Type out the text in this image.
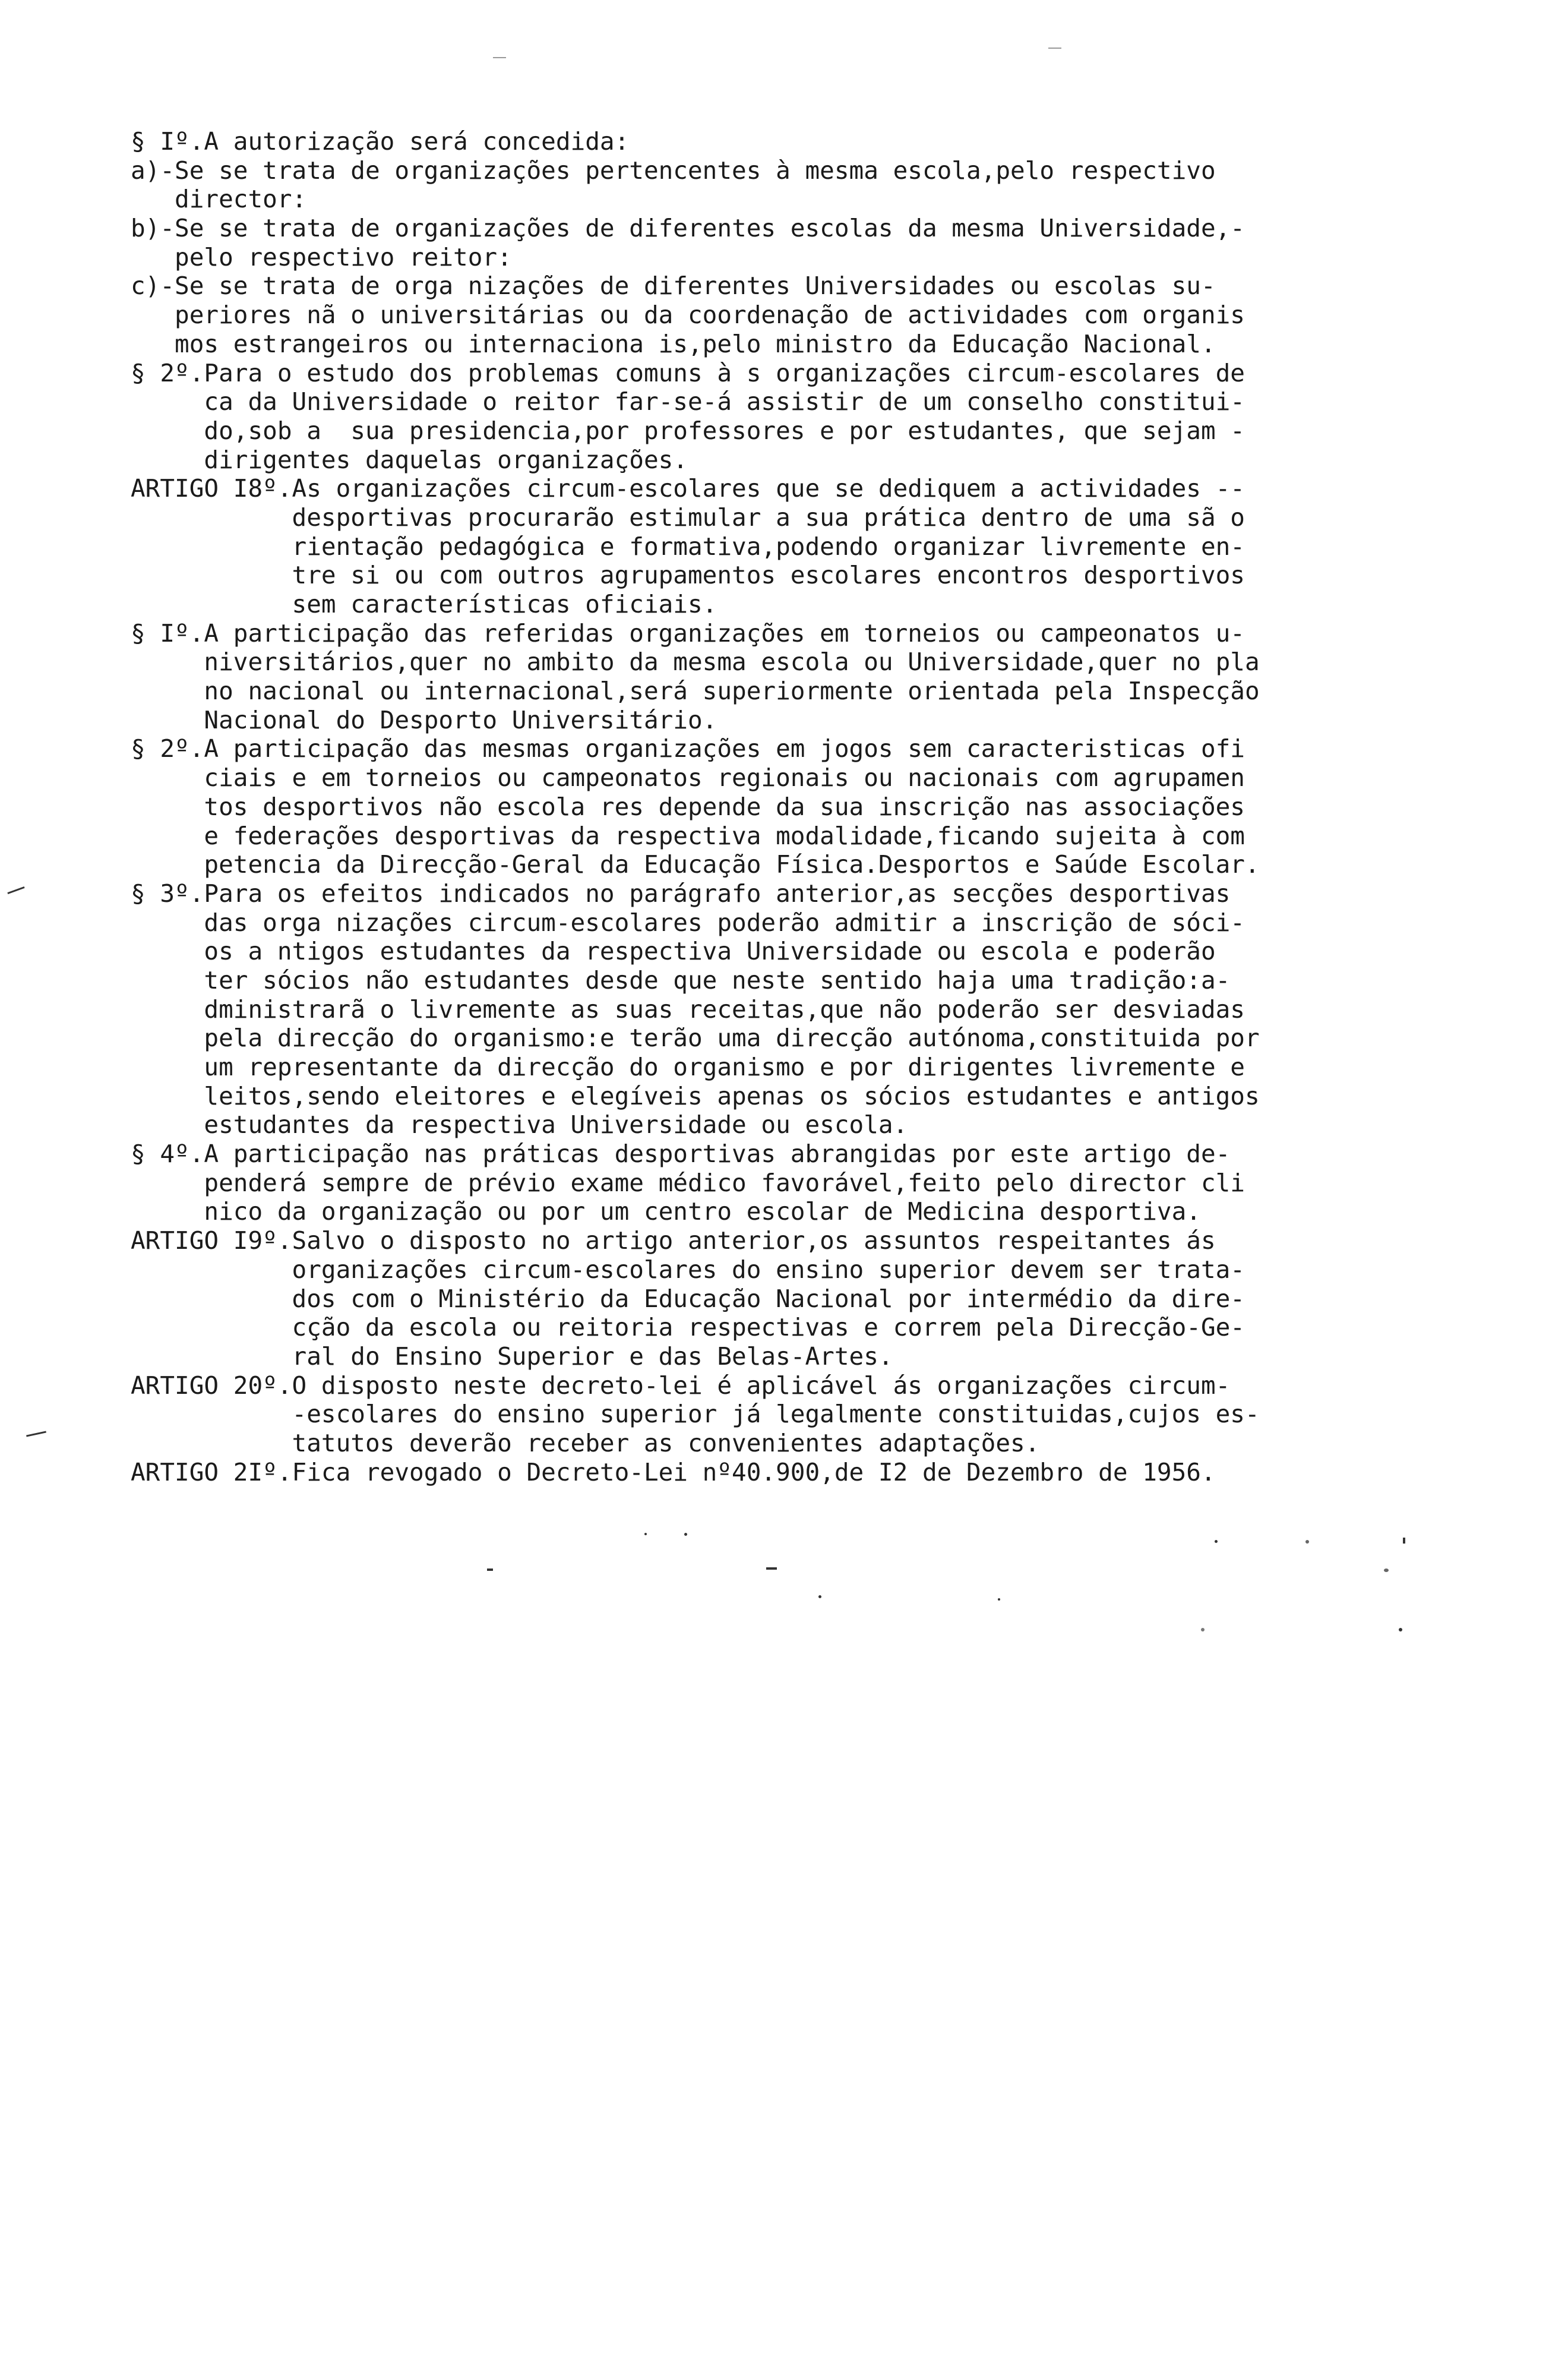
§ Iº.A autorização será concedida:
a)-Se se trata de organizações pertencentes à mesma escola,pelo respectivo
director:
b)-Se se trata de organizações de diferentes escolas da mesma Universidade,-
pelo respectivo reitor:
c)-Se se trata de orga nizações de diferentes Universidades ou escolas su-
periores nã o universitárias ou da coordenação de actividades com organis
mos estrangeiros ou internaciona is,pelo ministro da Educação Nacional.
§ 2º.Para o estudo dos problemas comuns à s organizações circum-escolares de
ca da Universidade o reitor far-se-á assistir de um conselho constitui-
do,sob a  sua presidencia,por professores e por estudantes, que sejam -
dirigentes daquelas organizações.
ARTIGO I8º.As organizações circum-escolares que se dediquem a actividades --
desportivas procurarão estimular a sua prática dentro de uma sã o
rientação pedagógica e formativa,podendo organizar livremente en-
tre si ou com outros agrupamentos escolares encontros desportivos
sem características oficiais.
§ Iº.A participação das referidas organizações em torneios ou campeonatos u-
niversitários,quer no ambito da mesma escola ou Universidade,quer no pla
no nacional ou internacional,será superiormente orientada pela Inspecção
Nacional do Desporto Universitário.
§ 2º.A participação das mesmas organizações em jogos sem caracteristicas ofi
ciais e em torneios ou campeonatos regionais ou nacionais com agrupamen
tos desportivos não escola res depende da sua inscrição nas associações
e federações desportivas da respectiva modalidade,ficando sujeita à com
petencia da Direcção-Geral da Educação Física.Desportos e Saúde Escolar.
§ 3º.Para os efeitos indicados no parágrafo anterior,as secções desportivas
das orga nizações circum-escolares poderão admitir a inscrição de sóci-
os a ntigos estudantes da respectiva Universidade ou escola e poderão
ter sócios não estudantes desde que neste sentido haja uma tradição:a-
dministrarã o livremente as suas receitas,que não poderão ser desviadas
pela direcção do organismo:e terão uma direcção autónoma,constituida por
um representante da direcção do organismo e por dirigentes livremente e
leitos,sendo eleitores e elegíveis apenas os sócios estudantes e antigos
estudantes da respectiva Universidade ou escola.
§ 4º.A participação nas práticas desportivas abrangidas por este artigo de-
penderá sempre de prévio exame médico favorável,feito pelo director cli
nico da organização ou por um centro escolar de Medicina desportiva.
ARTIGO I9º.Salvo o disposto no artigo anterior,os assuntos respeitantes ás
organizações circum-escolares do ensino superior devem ser trata-
dos com o Ministério da Educação Nacional por intermédio da dire-
cção da escola ou reitoria respectivas e correm pela Direcção-Ge-
ral do Ensino Superior e das Belas-Artes.
ARTIGO 20º.O disposto neste decreto-lei é aplicável ás organizações circum-
-escolares do ensino superior já legalmente constituidas,cujos es-
tatutos deverão receber as convenientes adaptações.
ARTIGO 2Iº.Fica revogado o Decreto-Lei nº40.900,de I2 de Dezembro de 1956.
